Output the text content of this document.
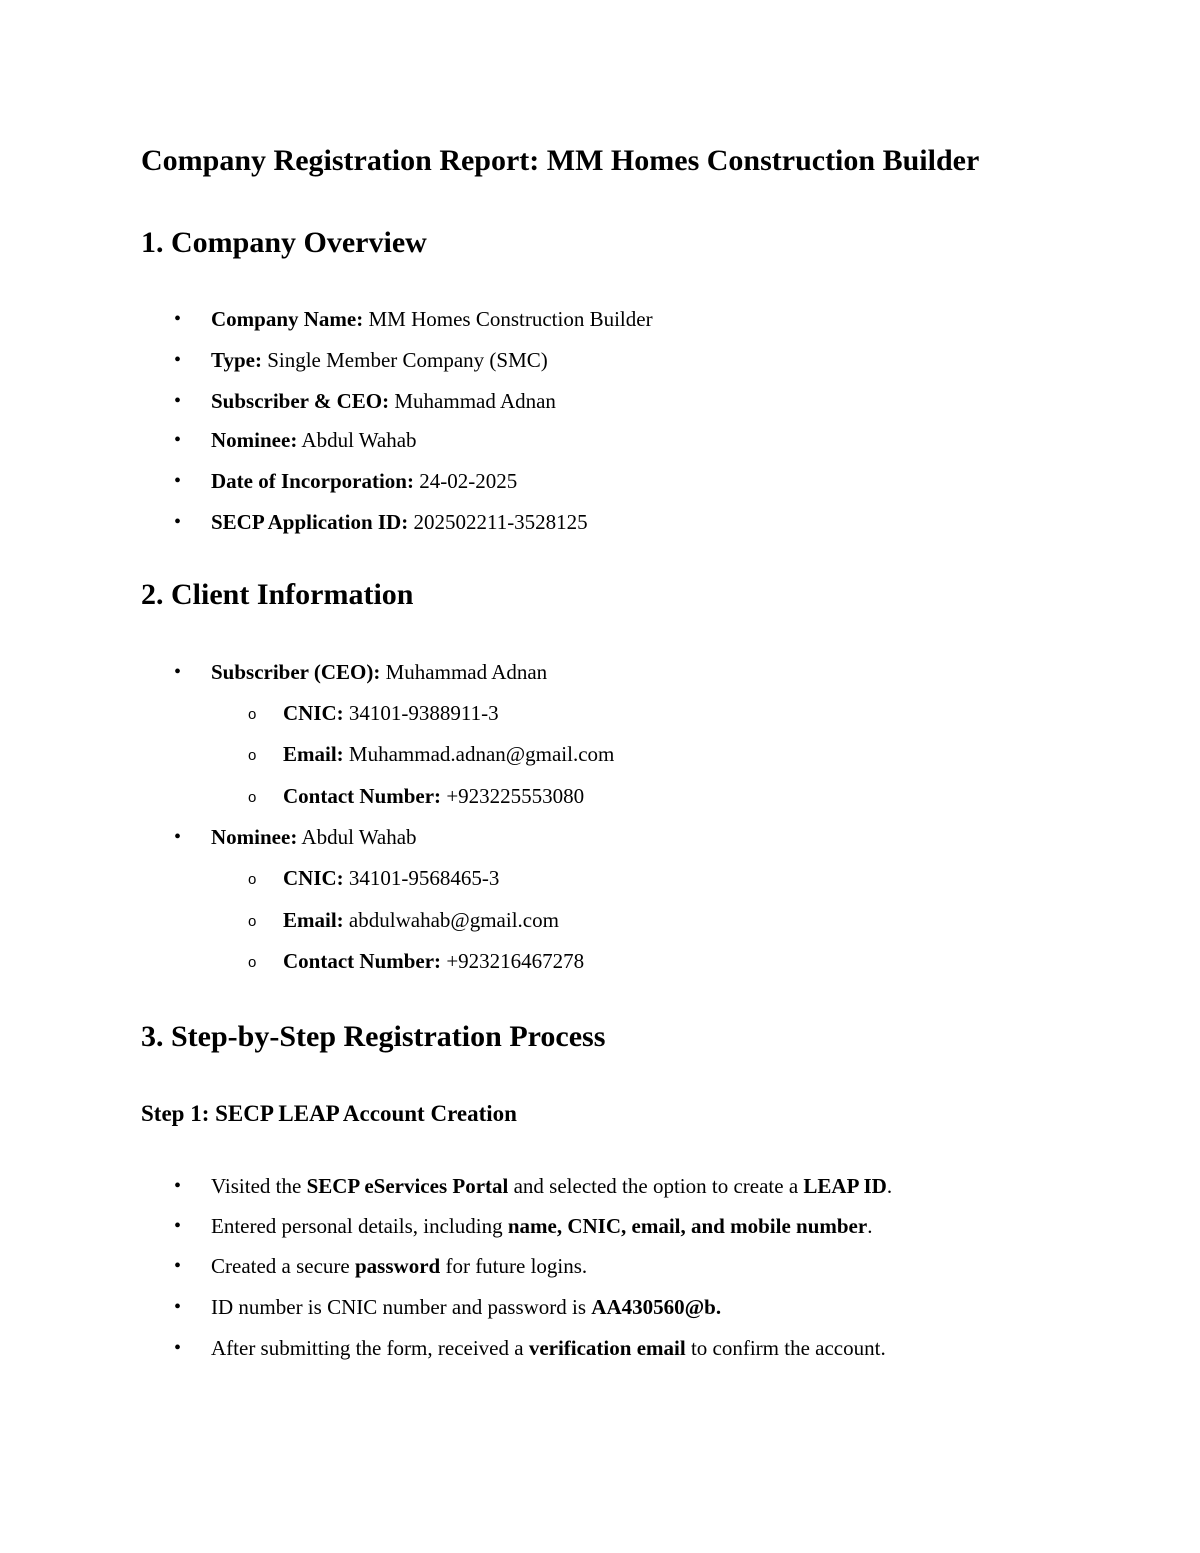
Company Registration Report: MM Homes Construction Builder
1. Company Overview
• Company Name: MM Homes Construction Builder
• Type: Single Member Company (SMC)
• Subscriber & CEO: Muhammad Adnan
• Nominee: Abdul Wahab
• Date of Incorporation: 24-02-2025
• SECP Application ID: 202502211-3528125
2. Client Information
• Subscriber (CEO): Muhammad Adnan
o CNIC: 34101-9388911-3
o Email: Muhammad.adnan@gmail.com
o Contact Number: +923225553080
• Nominee: Abdul Wahab
o CNIC: 34101-9568465-3
o Email: abdulwahab@gmail.com
o Contact Number: +923216467278
3. Step-by-Step Registration Process
Step 1: SECP LEAP Account Creation
• Visited the SECP eServices Portal and selected the option to create a LEAP ID.
• Entered personal details, including name, CNIC, email, and mobile number.
• Created a secure password for future logins.
• ID number is CNIC number and password is AA430560@b.
• After submitting the form, received a verification email to confirm the account.
